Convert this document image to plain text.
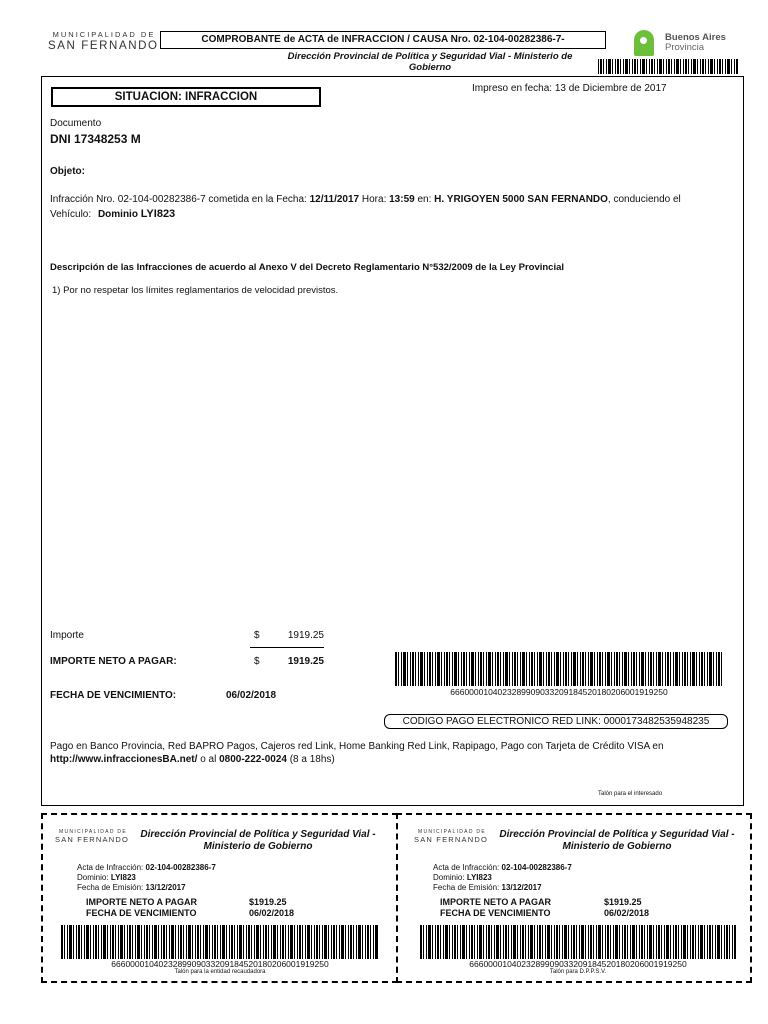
MUNICIPALIDAD DE
SAN FERNANDO
COMPROBANTE de ACTA de INFRACCION / CAUSA Nro. 02-104-00282386-7-
Dirección Provincial de Política y Seguridad Vial - Ministerio de Gobierno
Buenos Aires
Provincia
SITUACION: INFRACCION
Impreso en fecha: 13 de Diciembre de 2017
Documento
DNI 17348253 M
Objeto:
Infracción Nro. 02-104-00282386-7 cometida en la Fecha: 12/11/2017 Hora: 13:59 en: H. YRIGOYEN 5000 SAN FERNANDO, conduciendo el
Vehículo: Dominio LYI823
Descripción de las Infracciones de acuerdo al Anexo V del Decreto Reglamentario N°532/2009 de la Ley Provincial
1) Por no respetar los límites reglamentarios de velocidad previstos.
Importe	$	1919.25
IMPORTE NETO A PAGAR:	$	1919.25
FECHA DE VENCIMIENTO:	06/02/2018	6660000104023289909033209184520180206001919250
CODIGO PAGO ELECTRONICO RED LINK: 0000173482535948235
Pago en Banco Provincia, Red BAPRO Pagos, Cajeros red Link, Home Banking Red Link, Rapipago, Pago con Tarjeta de Crédito VISA en
http://www.infraccionesBA.net/ o al 0800-222-0024 (8 a 18hs)
Talón para el interesado
MUNICIPALIDAD DE
SAN FERNANDO	Dirección Provincial de Política y Seguridad Vial - Ministerio de Gobierno
Acta de Infracción: 02-104-00282386-7
Dominio: LYI823
Fecha de Emisión: 13/12/2017
IMPORTE NETO A PAGAR	$1919.25
FECHA DE VENCIMIENTO	06/02/2018
6660000104023289909033209184520180206001919250
Talón para la entidad recaudadora
MUNICIPALIDAD DE
SAN FERNANDO	Dirección Provincial de Política y Seguridad Vial - Ministerio de Gobierno
Acta de Infracción: 02-104-00282386-7
Dominio: LYI823
Fecha de Emisión: 13/12/2017
IMPORTE NETO A PAGAR	$1919.25
FECHA DE VENCIMIENTO	06/02/2018
6660000104023289909033209184520180206001919250
Talón para D.P.P.S.V.
